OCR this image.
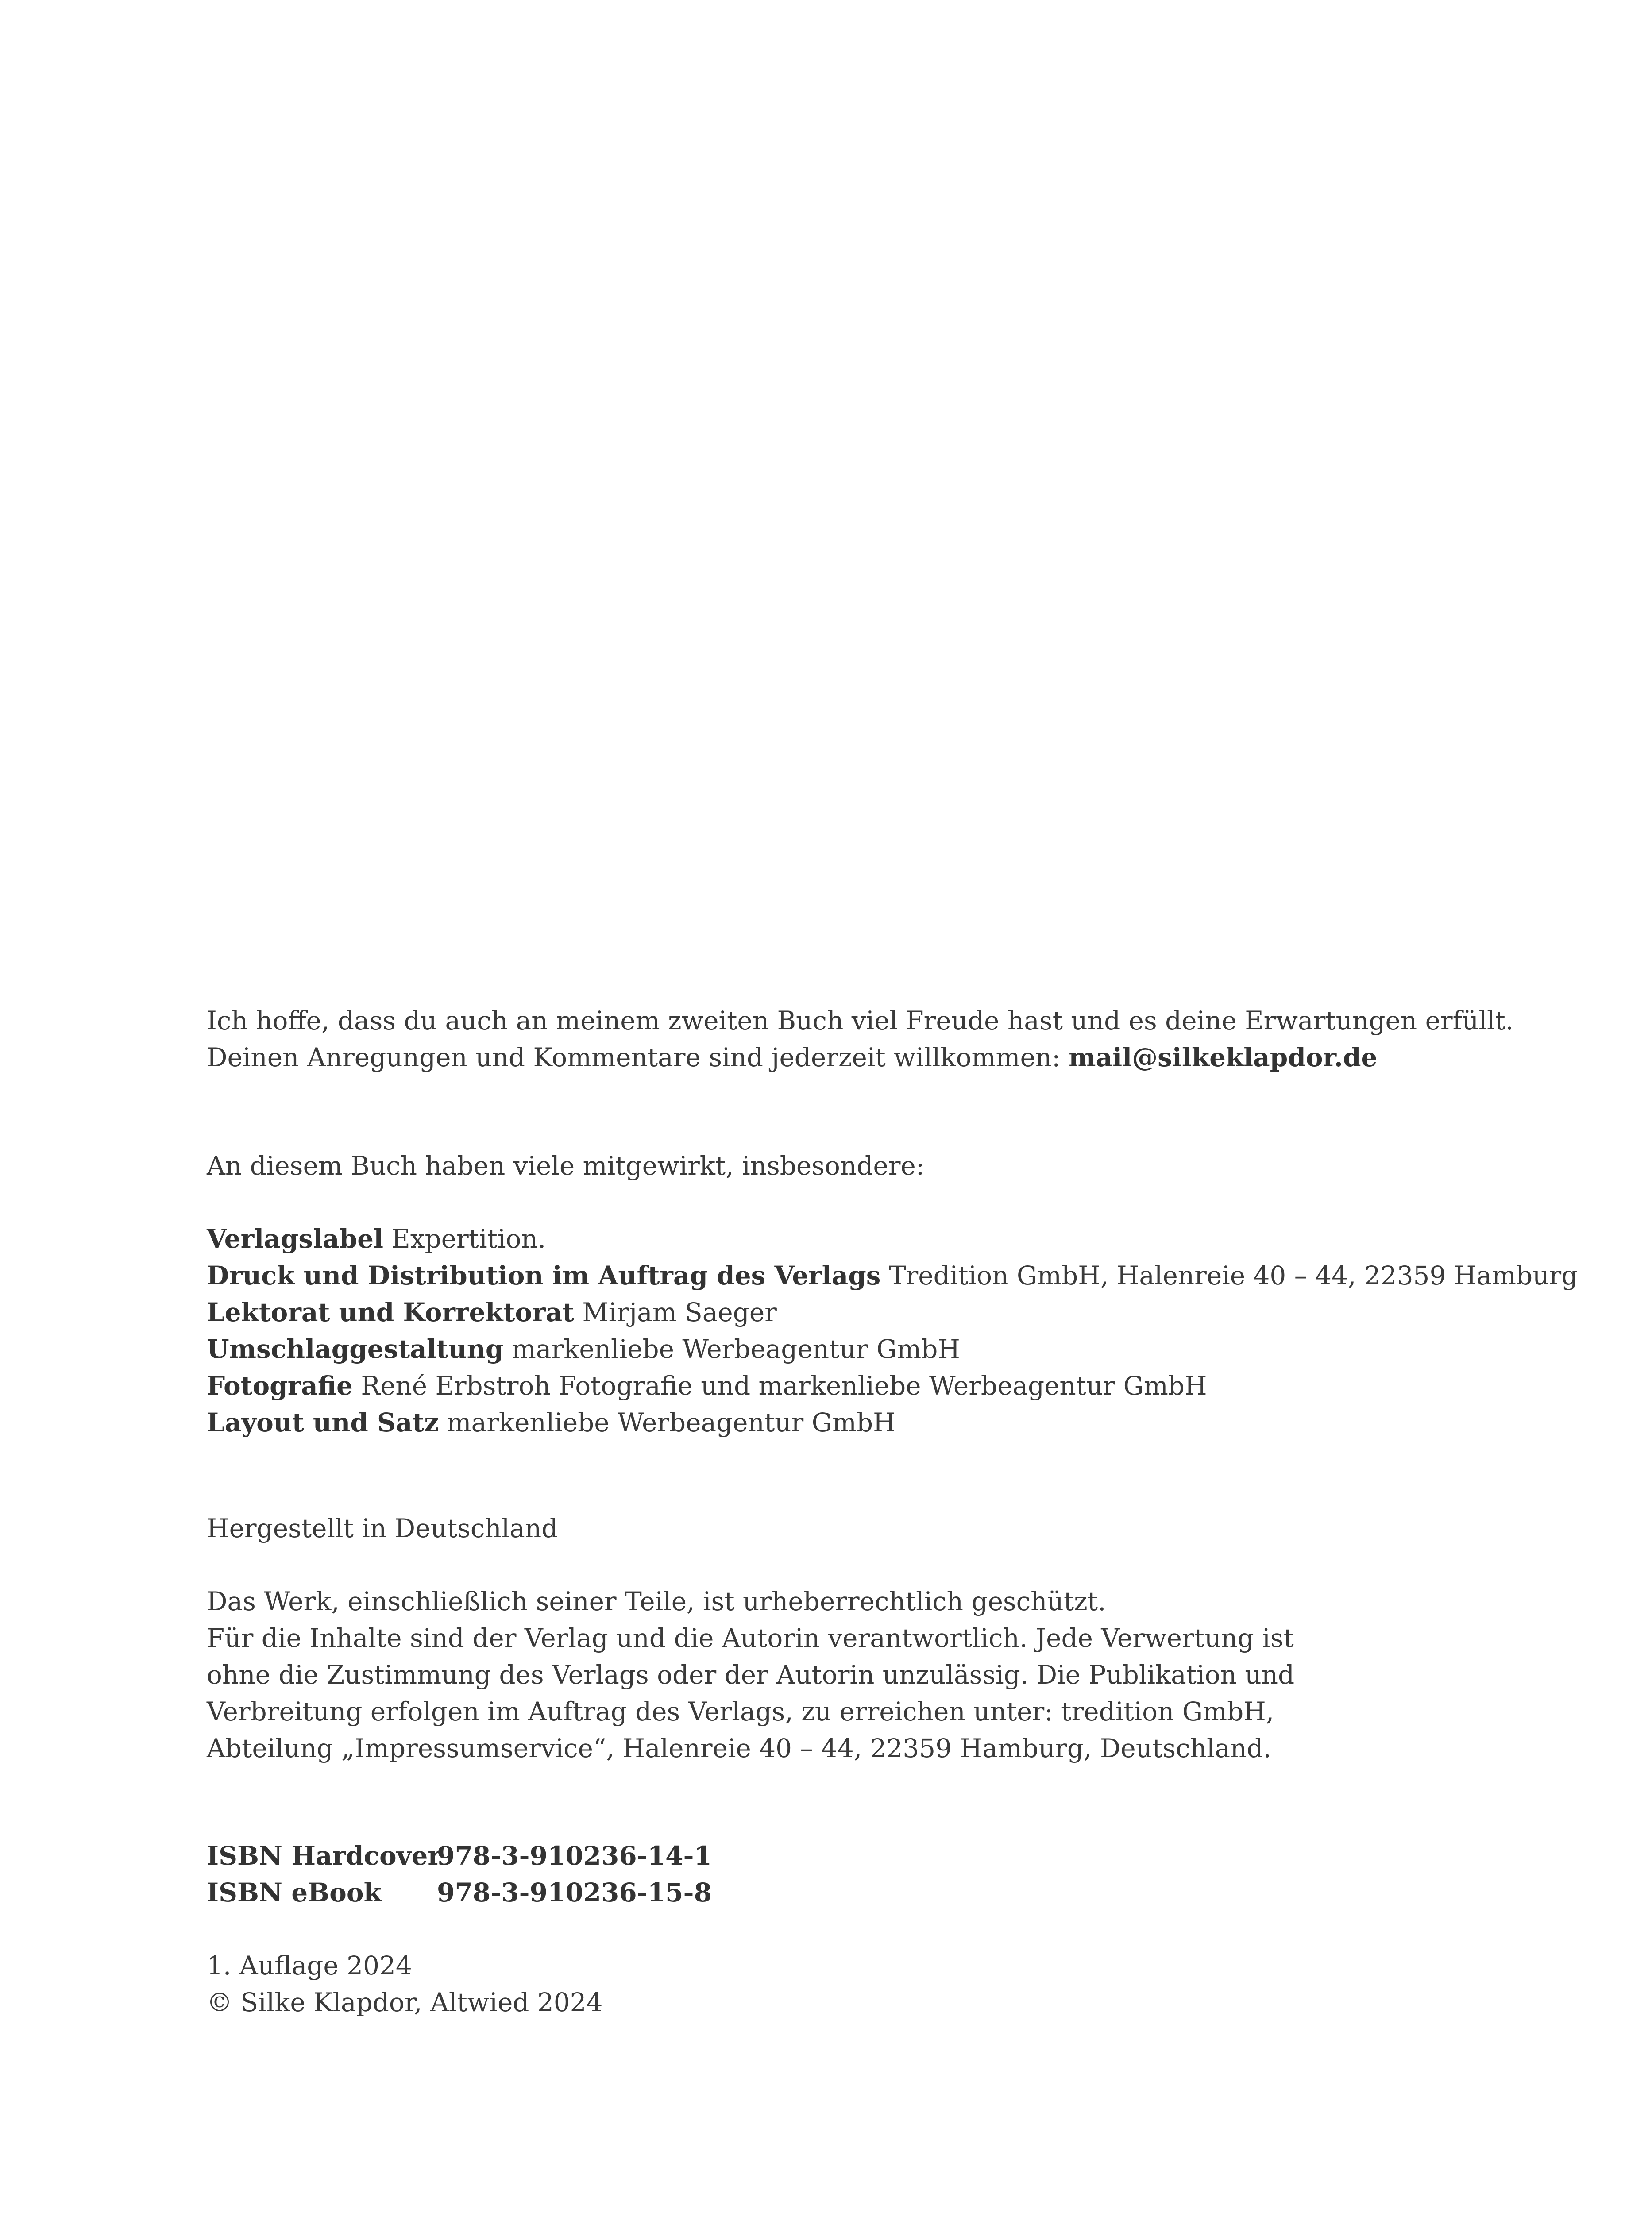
Ich hoffe, dass du auch an meinem zweiten Buch viel Freude hast und es deine Erwartungen erfüllt.

Deinen Anregungen und Kommentare sind jederzeit willkommen: mail@silkeklapdor.de

An diesem Buch haben viele mitgewirkt, insbesondere:

Verlagslabel Expertition.

Druck und Distribution im Auftrag des Verlags Tredition GmbH, Halenreie 40 – 44, 22359 Hamburg

Lektorat und Korrektorat Mirjam Saeger

Umschlaggestaltung markenliebe Werbeagentur GmbH

Fotografie René Erbstroh Fotografie und markenliebe Werbeagentur GmbH

Layout und Satz markenliebe Werbeagentur GmbH

Hergestellt in Deutschland

Das Werk, einschließlich seiner Teile, ist urheberrechtlich geschützt.

Für die Inhalte sind der Verlag und die Autorin verantwortlich. Jede Verwertung ist

ohne die Zustimmung des Verlags oder der Autorin unzulässig. Die Publikation und

Verbreitung erfolgen im Auftrag des Verlags, zu erreichen unter: tredition GmbH,

Abteilung „Impressumservice“, Halenreie 40 – 44, 22359 Hamburg, Deutschland.

ISBN Hardcover
978-3-910236-14-1

ISBN eBook	978-3-910236-15-8

1. Auflage 2024

© Silke Klapdor, Altwied 2024
